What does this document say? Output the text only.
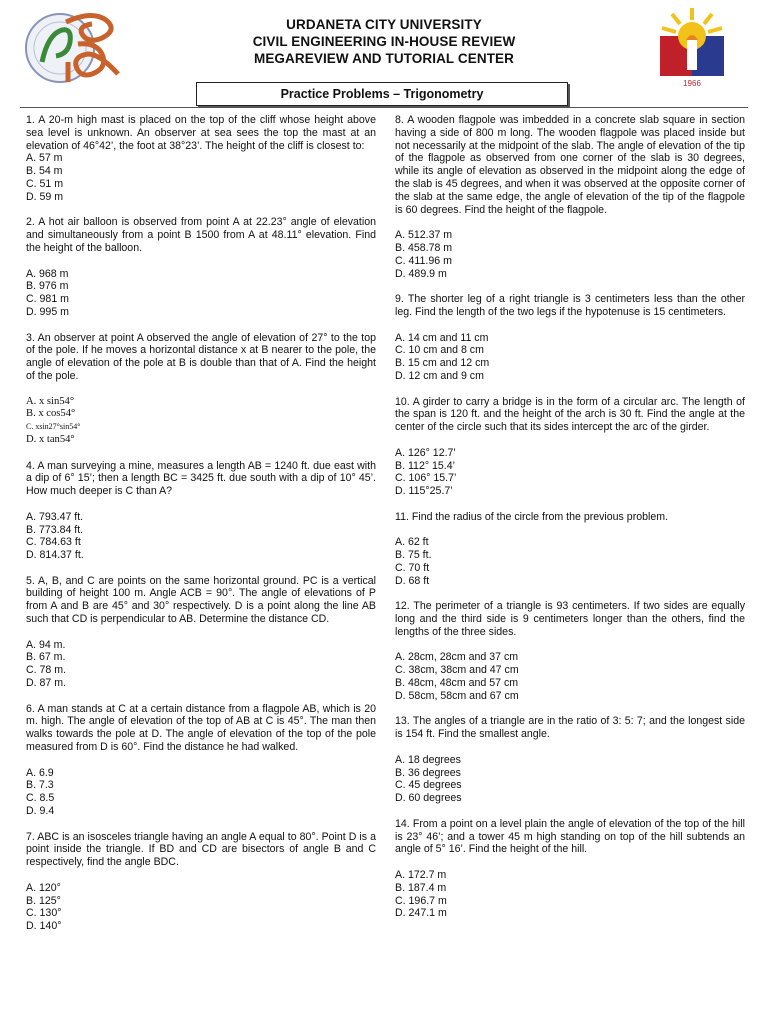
URDANETA CITY UNIVERSITY
CIVIL ENGINEERING IN-HOUSE REVIEW
MEGAREVIEW AND TUTORIAL CENTER
1966
Practice Problems – Trigonometry

1. A 20-m high mast is placed on the top of the cliff whose height above sea level is unknown. An observer at sea sees the top the mast at an elevation of 46°42’, the foot at 38°23’. The height of the cliff is closest to:

A. 57 m
B. 54 m
C. 51 m
D. 59 m

2. A hot air balloon is observed from point A at 22.23° angle of elevation and simultaneously from a point B 1500 from A at 48.11° elevation. Find the height of the balloon.

A. 968 m
B. 976 m
C. 981 m
D. 995 m

3. An observer at point A observed the angle of elevation of 27° to the top of the pole. If he moves a horizontal distance x at B nearer to the pole, the angle of elevation of the pole at B is double than that of A. Find the height of the pole.

A. x sin54°
B. x cos54°
C. xsin27°sin54°
D. x tan54°

4. A man surveying a mine, measures a length AB = 1240 ft. due east with a dip of 6° 15’; then a length BC = 3425 ft. due south with a dip of 10° 45’. How much deeper is C than A?

A. 793.47 ft.
B. 773.84 ft.
C. 784.63 ft
D. 814.37 ft.

5. A, B, and C are points on the same horizontal ground. PC is a vertical building of height 100 m. Angle ACB = 90°. The angle of elevations of P from A and B are 45° and 30° respectively. D is a point along the line AB such that CD is perpendicular to AB. Determine the distance CD.

A. 94 m.
B. 67 m.
C. 78 m.
D. 87 m.

6. A man stands at C at a certain distance from a flagpole AB, which is 20 m. high. The angle of elevation of the top of AB at C is 45°. The man then walks towards the pole at D. The angle of elevation of the top of the pole measured from D is 60°. Find the distance he had walked.

A. 6.9
B. 7.3
C. 8.5
D. 9.4

7. ABC is an isosceles triangle having an angle A equal to 80°. Point D is a point inside the triangle. If BD and CD are bisectors of angle B and C respectively, find the angle BDC.

A. 120°
B. 125°
C. 130°
D. 140°

8. A wooden flagpole was imbedded in a concrete slab square in section having a side of 800 m long. The wooden flagpole was placed inside but not necessarily at the midpoint of the slab. The angle of elevation of the tip of the flagpole as observed from one corner of the slab is 30 degrees, while its angle of elevation as observed in the midpoint along the edge of the slab is 45 degrees, and when it was observed at the opposite corner of the slab at the same edge, the angle of elevation of the tip of the flagpole is 60 degrees. Find the height of the flagpole.

A. 512.37 m
B. 458.78 m
C. 411.96 m
D. 489.9 m

9. The shorter leg of a right triangle is 3 centimeters less than the other leg. Find the length of the two legs if the hypotenuse is 15 centimeters.

A. 14 cm and 11 cm
C. 10 cm and 8 cm
B. 15 cm and 12 cm
D. 12 cm and 9 cm

10. A girder to carry a bridge is in the form of a circular arc. The length of the span is 120 ft. and the height of the arch is 30 ft. Find the angle at the center of the circle such that its sides intercept the arc of the girder.

A. 126° 12.7’
B. 112° 15.4’
C. 106° 15.7’
D. 115°25.7’

11. Find the radius of the circle from the previous problem.

A. 62 ft
B. 75 ft.
C. 70 ft
D. 68 ft

12. The perimeter of a triangle is 93 centimeters. If two sides are equally long and the third side is 9 centimeters longer than the others, find the lengths of the three sides.

A. 28cm, 28cm and 37 cm
C. 38cm, 38cm and 47 cm
B. 48cm, 48cm and 57 cm
D. 58cm, 58cm and 67 cm

13. The angles of a triangle are in the ratio of 3: 5: 7; and the longest side is 154 ft. Find the smallest angle.

A. 18 degrees
B. 36 degrees
C. 45 degrees
D. 60 degrees

14. From a point on a level plain the angle of elevation of the top of the hill is 23° 46’; and a tower 45 m high standing on top of the hill subtends an angle of 5° 16’. Find the height of the hill.

A. 172.7 m
B. 187.4 m
C. 196.7 m
D. 247.1 m
